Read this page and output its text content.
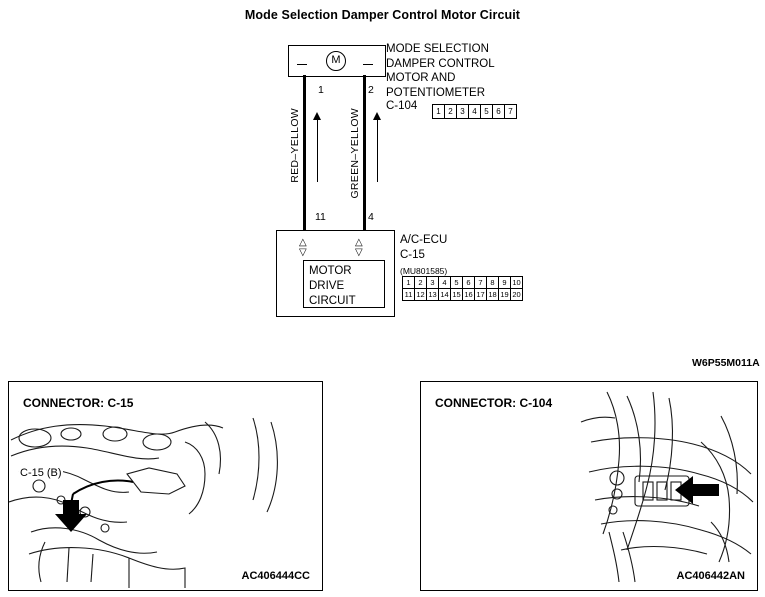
Mode Selection Damper Control Motor Circuit
M
MODE SELECTION
DAMPER CONTROL
MOTOR AND
POTENTIOMETER
C-104	1 2 3 4 5 6 7
1	2
11	4
RED–YELLOW	GREEN–YELLOW
△
▽
△
▽
MOTOR
DRIVE
CIRCUIT
A/C-ECU
C-15
(MU801585)
1	2	3	4	5	6	7	8	9 10
11 12 13 14 15 16 17 18 19 20
W6P55M011A
CONNECTOR: C-15
C-15 (B)
AC406444CC
CONNECTOR: C-104
AC406442AN
